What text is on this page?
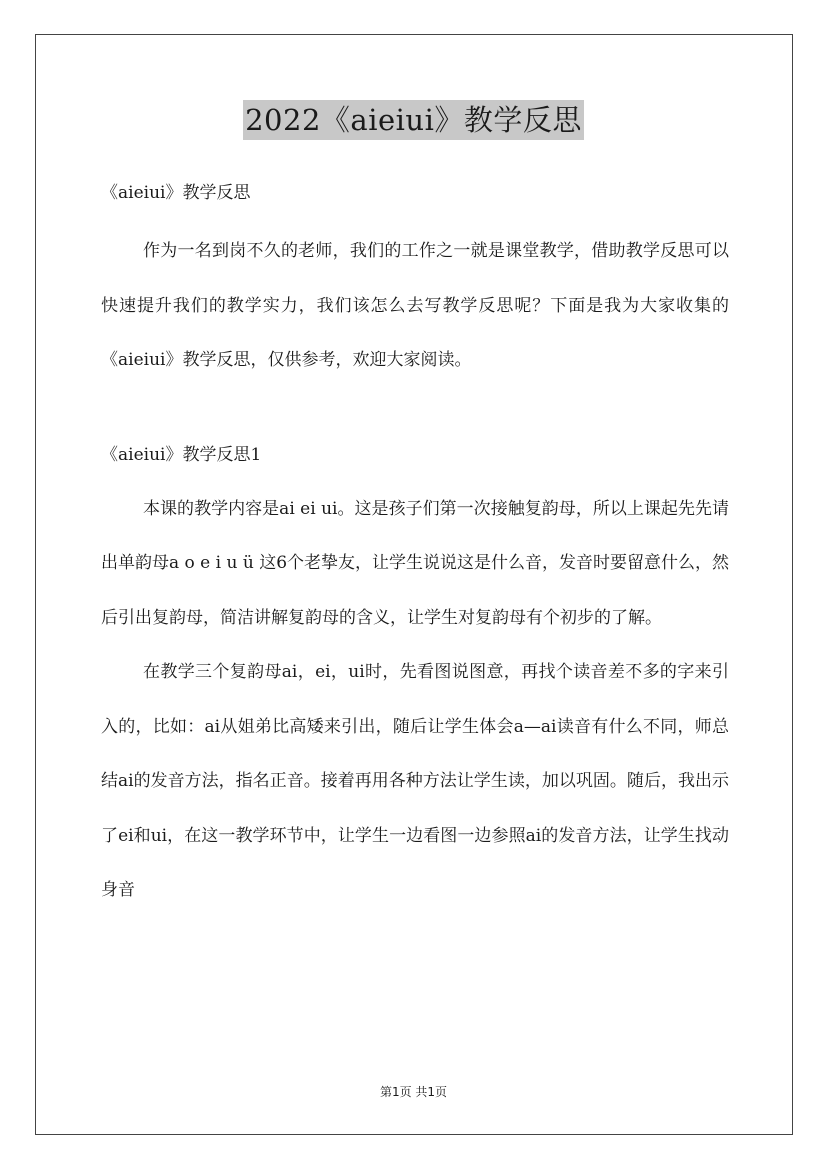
2022《aieiui》教学反思
《aieiui》教学反思
作为一名到岗不久的老师，我们的工作之一就是课堂教学，借助教学反思可以快速提升我们的教学实力，我们该怎么去写教学反思呢？下面是我为大家收集的《aieiui》教学反思，仅供参考，欢迎大家阅读。
《aieiui》教学反思1
本课的教学内容是ai ei ui。这是孩子们第一次接触复韵母，所以上课起先先请出单韵母a o e i u ü 这6个老挚友，让学生说说这是什么音，发音时要留意什么，然后引出复韵母，简洁讲解复韵母的含义，让学生对复韵母有个初步的了解。
在教学三个复韵母ai，ei，ui时，先看图说图意，再找个读音差不多的字来引入的，比如：ai从姐弟比高矮来引出，随后让学生体会a—ai读音有什么不同，师总结ai的发音方法，指名正音。接着再用各种方法让学生读，加以巩固。随后，我出示了ei和ui，在这一教学环节中，让学生一边看图一边参照ai的发音方法，让学生找动身音
第1页 共1页
